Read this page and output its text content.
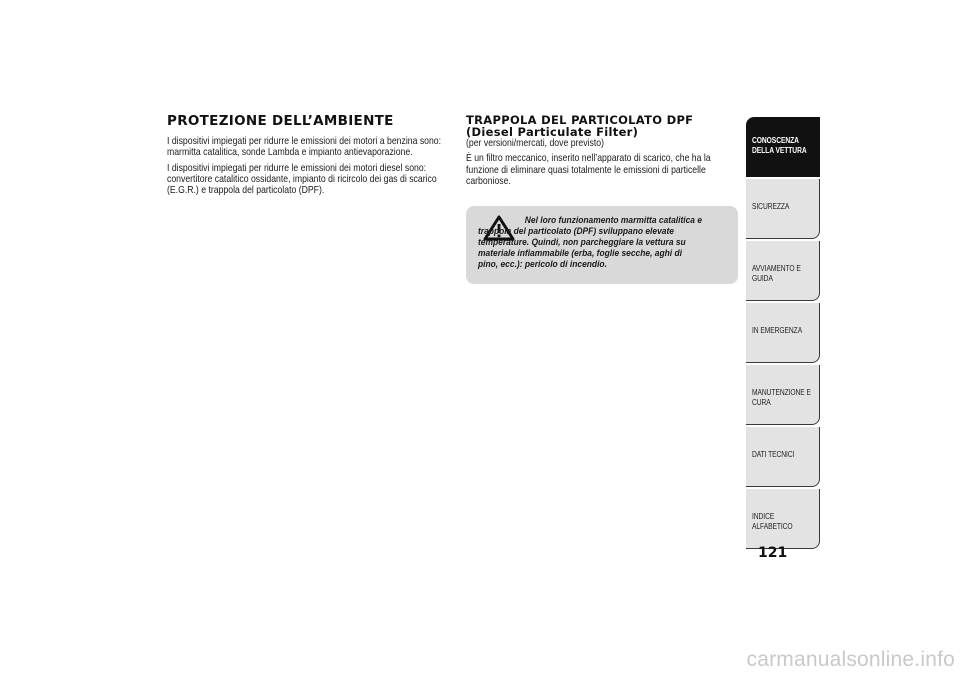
PROTEZIONE DELL’AMBIENTE

I dispositivi impiegati per ridurre le emissioni dei motori a benzina sono: marmitta catalitica, sonde Lambda e impianto antievaporazione.

I dispositivi impiegati per ridurre le emissioni dei motori diesel sono: convertitore catalitico ossidante, impianto di ricircolo dei gas di scarico (E.G.R.) e trappola del particolato (DPF).

TRAPPOLA DEL PARTICOLATO DPF
(Diesel Particulate Filter)

(per versioni/mercati, dove previsto)

È un filtro meccanico, inserito nell’apparato di scarico, che ha la funzione di eliminare quasi totalmente le emissioni di particelle carboniose.

Nel loro funzionamento marmitta catalitica e trappola del particolato (DPF) sviluppano elevate temperature. Quindi, non parcheggiare la vettura su materiale infiammabile (erba, foglie secche, aghi di pino, ecc.): pericolo di incendio.
CONOSCENZA DELLA VETTURA
SICUREZZA
AVVIAMENTO E GUIDA
IN EMERGENZA
MANUTENZIONE E CURA
DATI TECNICI
INDICE ALFABETICO
121
carmanualsonline.info
